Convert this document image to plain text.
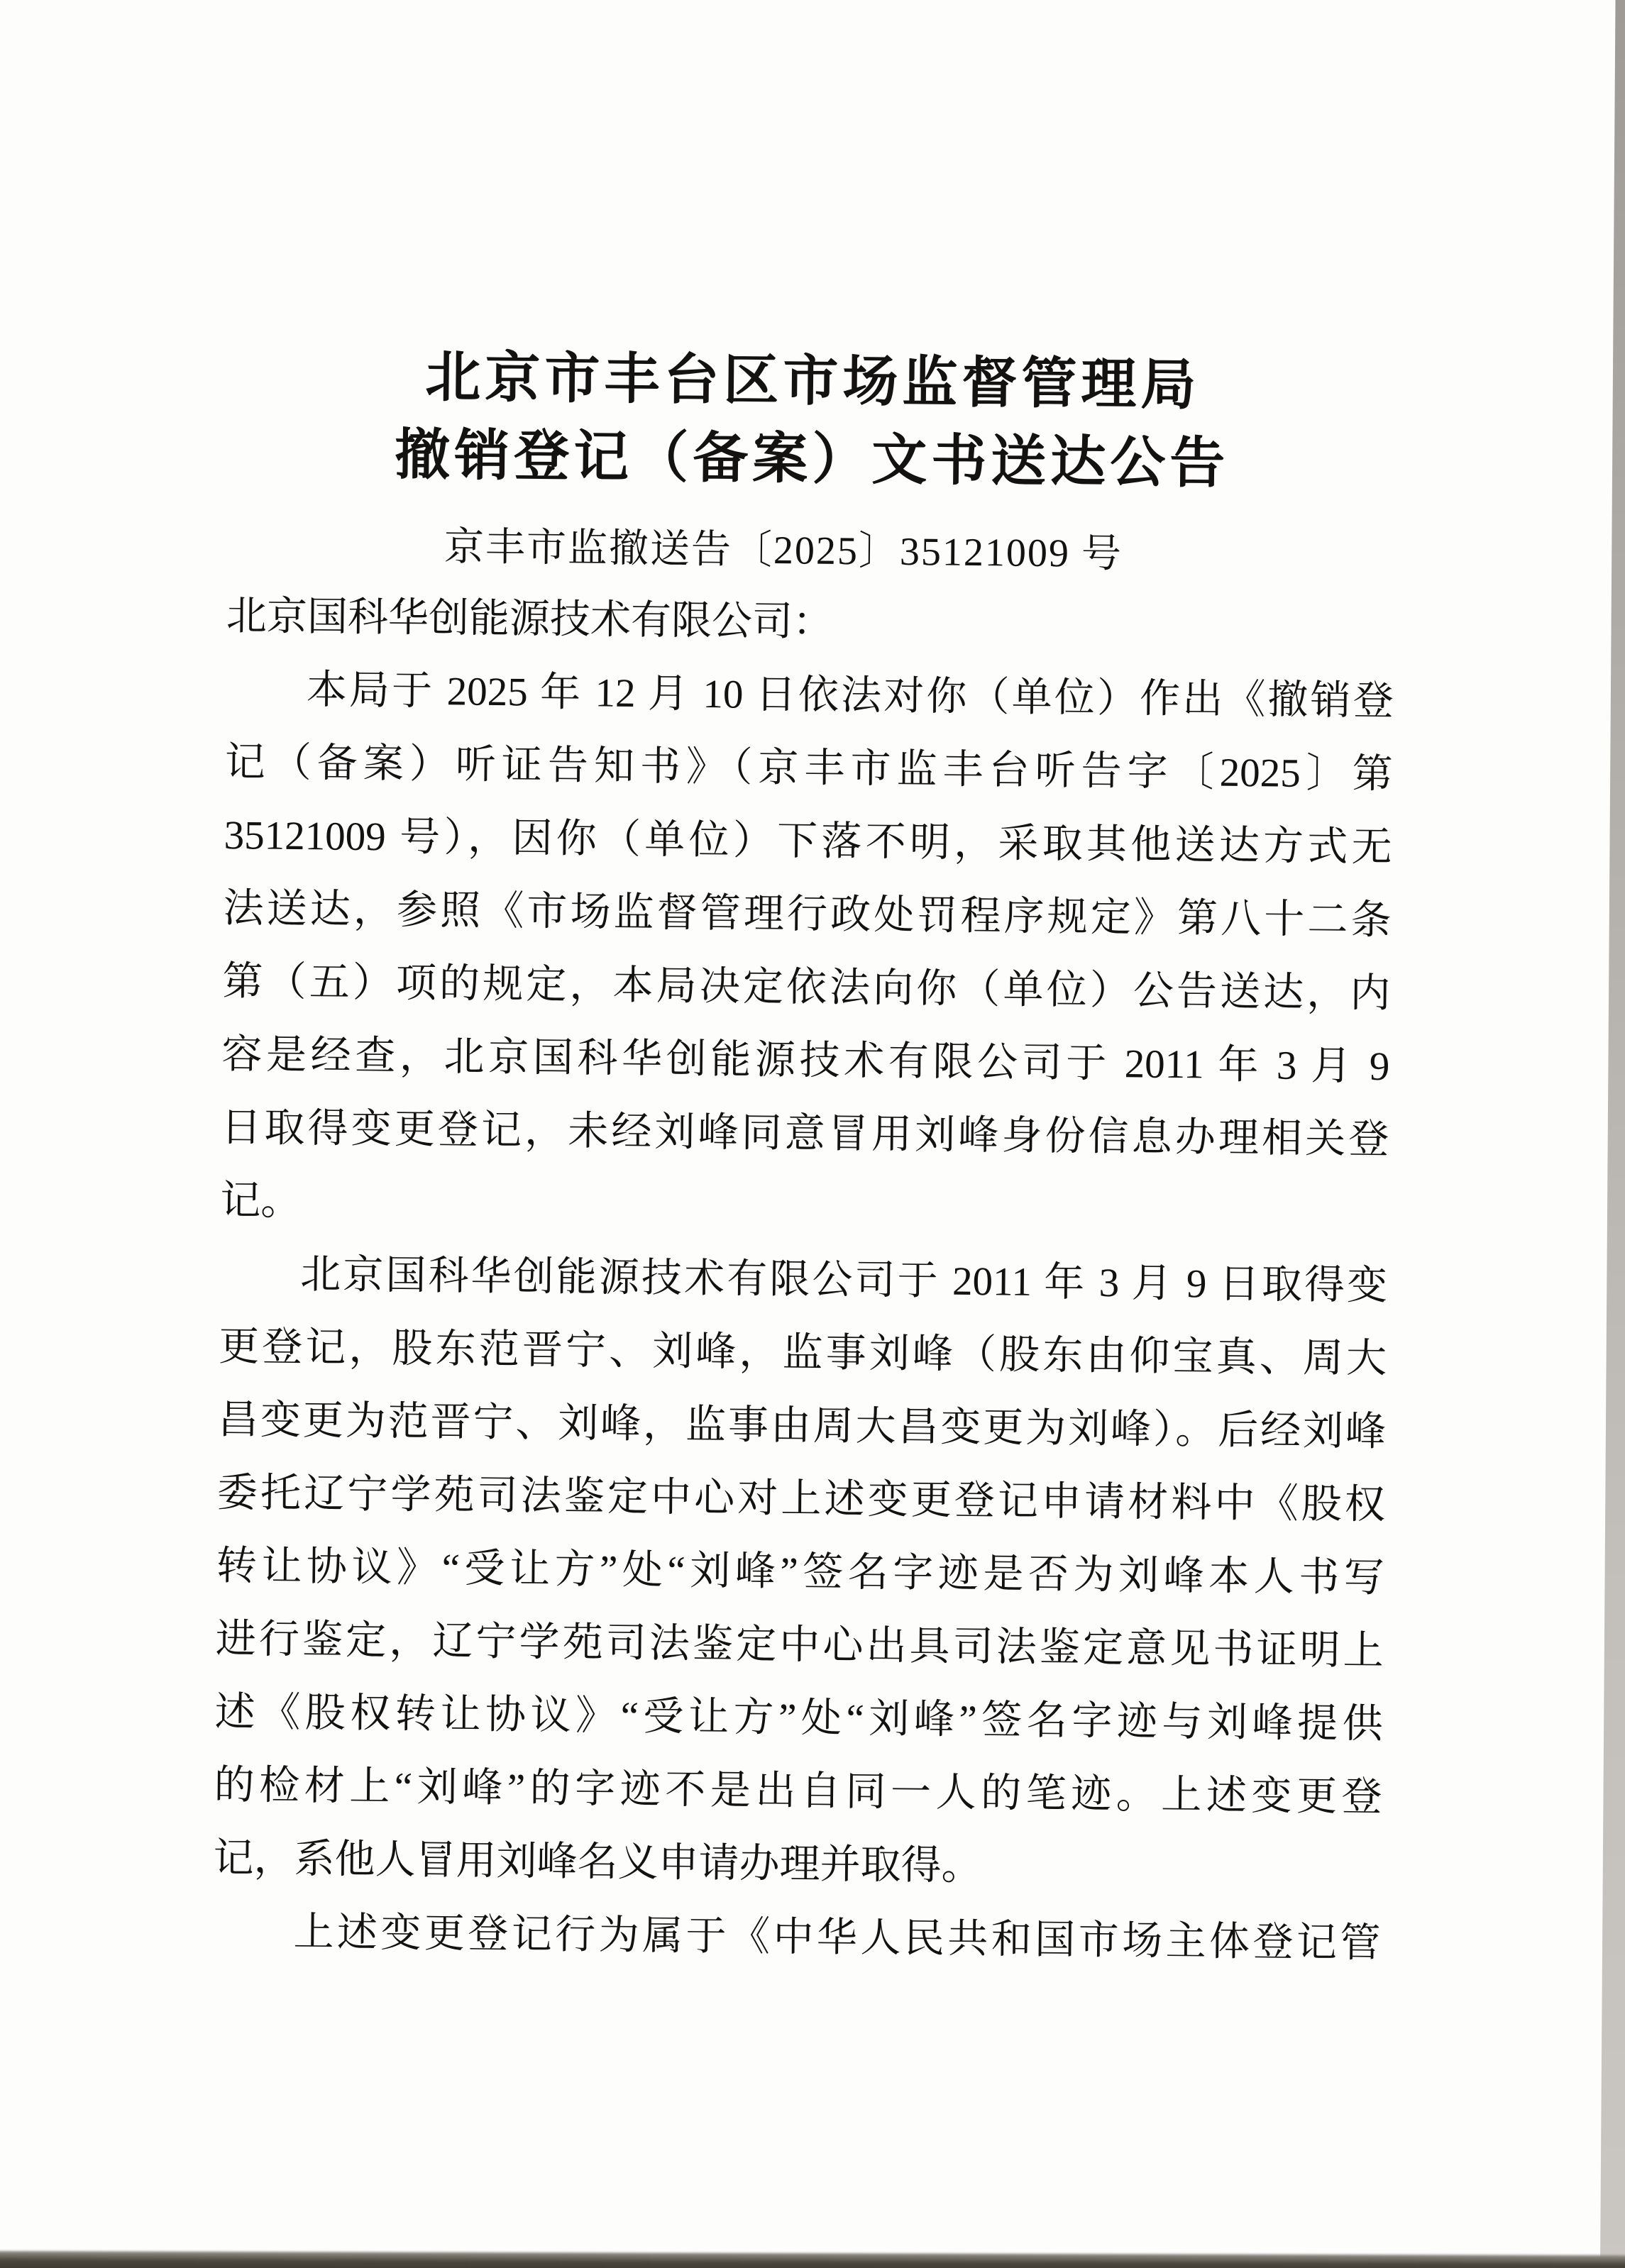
北京市丰台区市场监督管理局
撤销登记（备案）文书送达公告
京丰市监撤送告〔2025〕35121009 号
北京国科华创能源技术有限公司：
本局于 2025 年 12 月 10 日依法对你（单位）作出《撤销登
记（备案）听证告知书》（京丰市监丰台听告字〔2025〕第
35121009 号），因你（单位）下落不明，采取其他送达方式无
法送达，参照《市场监督管理行政处罚程序规定》第八十二条
第（五）项的规定，本局决定依法向你（单位）公告送达，内
容是经查，北京国科华创能源技术有限公司于 2011 年 3 月 9
日取得变更登记，未经刘峰同意冒用刘峰身份信息办理相关登
记。
北京国科华创能源技术有限公司于 2011 年 3 月 9 日取得变
更登记，股东范晋宁、刘峰，监事刘峰（股东由仰宝真、周大
昌变更为范晋宁、刘峰，监事由周大昌变更为刘峰）。后经刘峰
委托辽宁学苑司法鉴定中心对上述变更登记申请材料中《股权
转让协议》“受让方”处“刘峰”签名字迹是否为刘峰本人书写
进行鉴定，辽宁学苑司法鉴定中心出具司法鉴定意见书证明上
述《股权转让协议》“受让方”处“刘峰”签名字迹与刘峰提供
的检材上“刘峰”的字迹不是出自同一人的笔迹。上述变更登
记，系他人冒用刘峰名义申请办理并取得。
上述变更登记行为属于《中华人民共和国市场主体登记管
